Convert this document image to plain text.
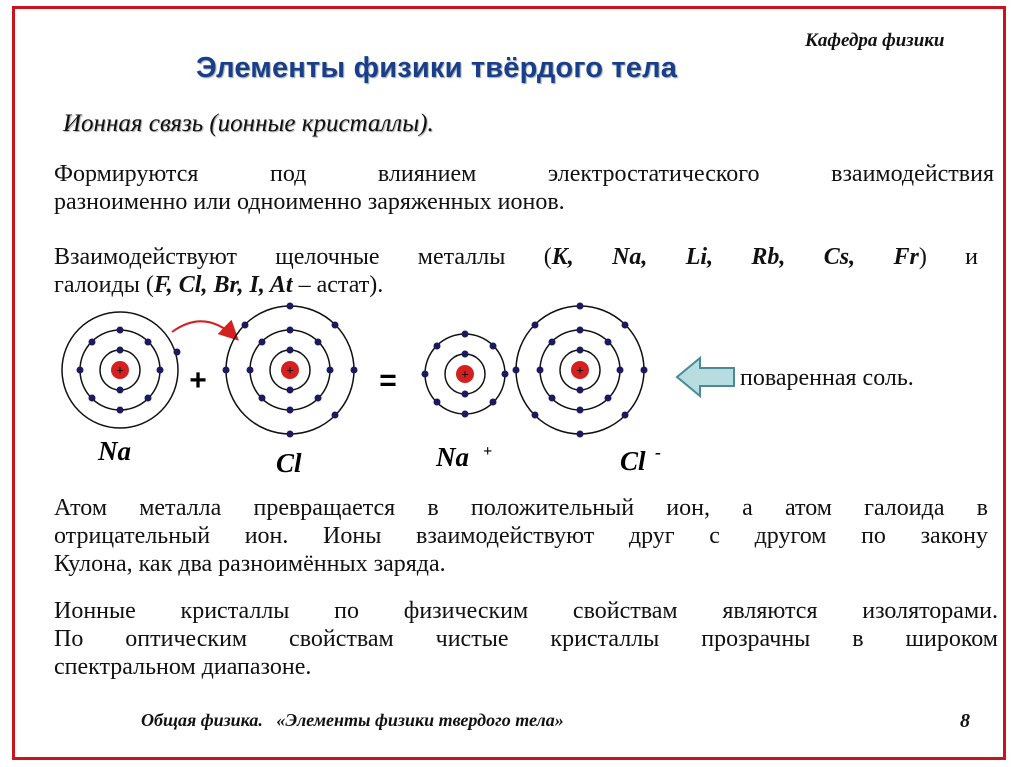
Кафедра физики
Элементы физики твёрдого тела
Ионная связь (ионные кристаллы).
Формируются под влиянием электростатического взаимодействия
разноименно или одноименно заряженных ионов.
Взаимодействуют щелочные металлы (K, Na, Li, Rb, Cs, Fr) и
галоиды (F, Cl, Br, I, At – астат).
+ +	+	=	+	+
Na	Cl	Na +	Cl -
поваренная соль.
Атом металла превращается в положительный ион, а атом галоида в
отрицательный ион. Ионы взаимодействуют друг с другом по закону
Кулона, как два разноимённых заряда.
Ионные кристаллы по физическим свойствам являются изоляторами.
По оптическим свойствам чистые кристаллы прозрачны в широком
спектральном диапазоне.
Общая физика.   «Элементы физики твердого тела»	8
